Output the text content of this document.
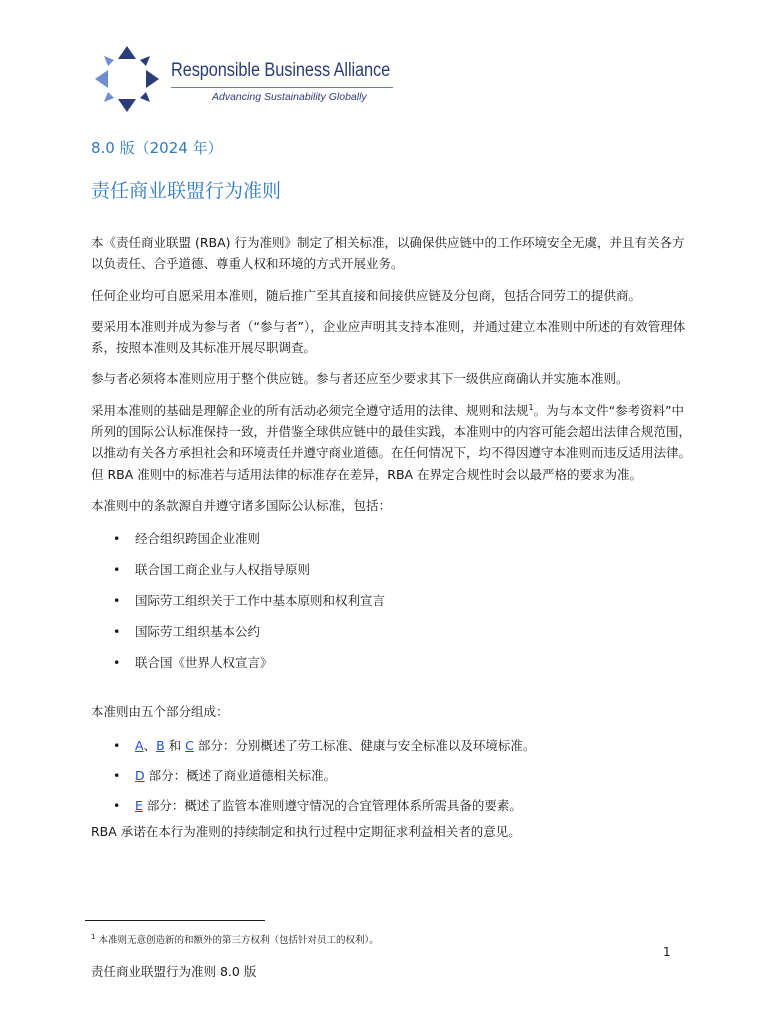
Responsible Business Alliance
Advancing Sustainability Globally
8.0 版（2024 年）
责任商业联盟行为准则

本《责任商业联盟 (RBA) 行为准则》制定了相关标准，以确保供应链中的工作环境安全无虞，并且有关各方以负责任、合乎道德、尊重人权和环境的方式开展业务。

任何企业均可自愿采用本准则，随后推广至其直接和间接供应链及分包商，包括合同劳工的提供商。

要采用本准则并成为参与者（“参与者”），企业应声明其支持本准则，并通过建立本准则中所述的有效管理体系，按照本准则及其标准开展尽职调查。

参与者必须将本准则应用于整个供应链。参与者还应至少要求其下一级供应商确认并实施本准则。

采用本准则的基础是理解企业的所有活动必须完全遵守适用的法律、规则和法规$^1$。为与本文件“参考资料”中所列的国际公认标准保持一致，并借鉴全球供应链中的最佳实践，本准则中的内容可能会超出法律合规范围，以推动有关各方承担社会和环境责任并遵守商业道德。在任何情况下，均不得因遵守本准则而违反适用法律。但 RBA 准则中的标准若与适用法律的标准存在差异，RBA 在界定合规性时会以最严格的要求为准。

本准则中的条款源自并遵守诸多国际公认标准，包括：

• 经合组织跨国企业准则
• 联合国工商企业与人权指导原则
• 国际劳工组织关于工作中基本原则和权利宣言
• 国际劳工组织基本公约
• 联合国《世界人权宣言》

本准则由五个部分组成：

• A、B 和 C 部分：分别概述了劳工标准、健康与安全标准以及环境标准。
• D 部分：概述了商业道德相关标准。
• E 部分：概述了监管本准则遵守情况的合宜管理体系所需具备的要素。

RBA 承诺在本行为准则的持续制定和执行过程中定期征求利益相关者的意见。

$^1$ 本准则无意创造新的和额外的第三方权利（包括针对员工的权利）。
1
责任商业联盟行为准则 8.0 版
